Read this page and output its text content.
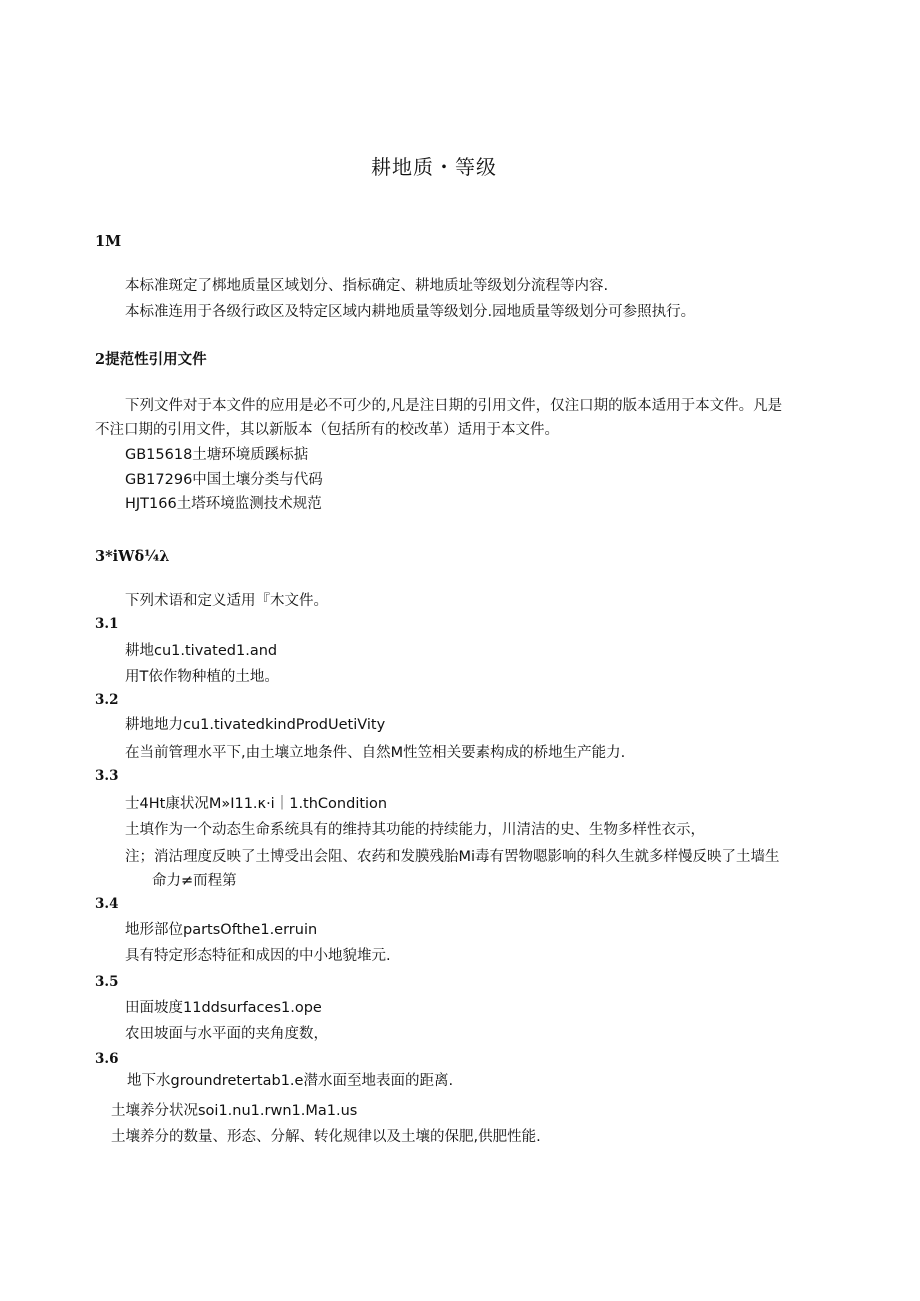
耕地质・等级
1M
本标准斑定了梆地质量区域划分、指标确定、耕地质址等级划分流程等内容.
本标准连用于各级行政区及特定区域内耕地质量等级划分.园地质量等级划分可参照执行。
2提范性引用文件
下列文件对于本文件的应用是必不可少的,凡是注日期的引用文件，仅注口期的版本适用于本文件。凡是
不注口期的引用文件，其以新版本（包括所有的校改革）适用于本文件。
GB15618土塘环境质蹊标掂
GB17296中国土壤分类与代码
HJT166土塔环境监测技术规范
3*iWδ¼λ
下列术语和定义适用『木文件。
3.1
耕地cu1.tivated1.and
用T依作物种植的土地。
3.2
耕地地力cu1.tivatedkindProdUetiVity
在当前管理水平下,由土壤立地条件、自然M性笠相关要素构成的桥地生产能力.
3.3
士4Ht康状况M»I11.κ·i｜1.thCondition
土填作为一个动态生命系统具有的维持其功能的持续能力，川清洁的史、生物多样性衣示，
注；消沽理度反映了土博受出会阻、农药和发膜残胎Mi毒有罟物嗯影响的科久生就多样慢反映了土墙生
命力≠而程第
3.4
地形部位partsOfthe1.erruin
具有特定形态特征和成因的中小地貌堆元.
3.5
田面坡度11ddsurfaces1.ope
农田坡面与水平面的夹角度数，
3.6
地下水groundretertab1.e潜水面至地表面的距离.
土壤养分状况soi1.nu1.rwn1.Ma1.us
土壤养分的数量、形态、分解、转化规律以及土壤的保肥,供肥性能.
